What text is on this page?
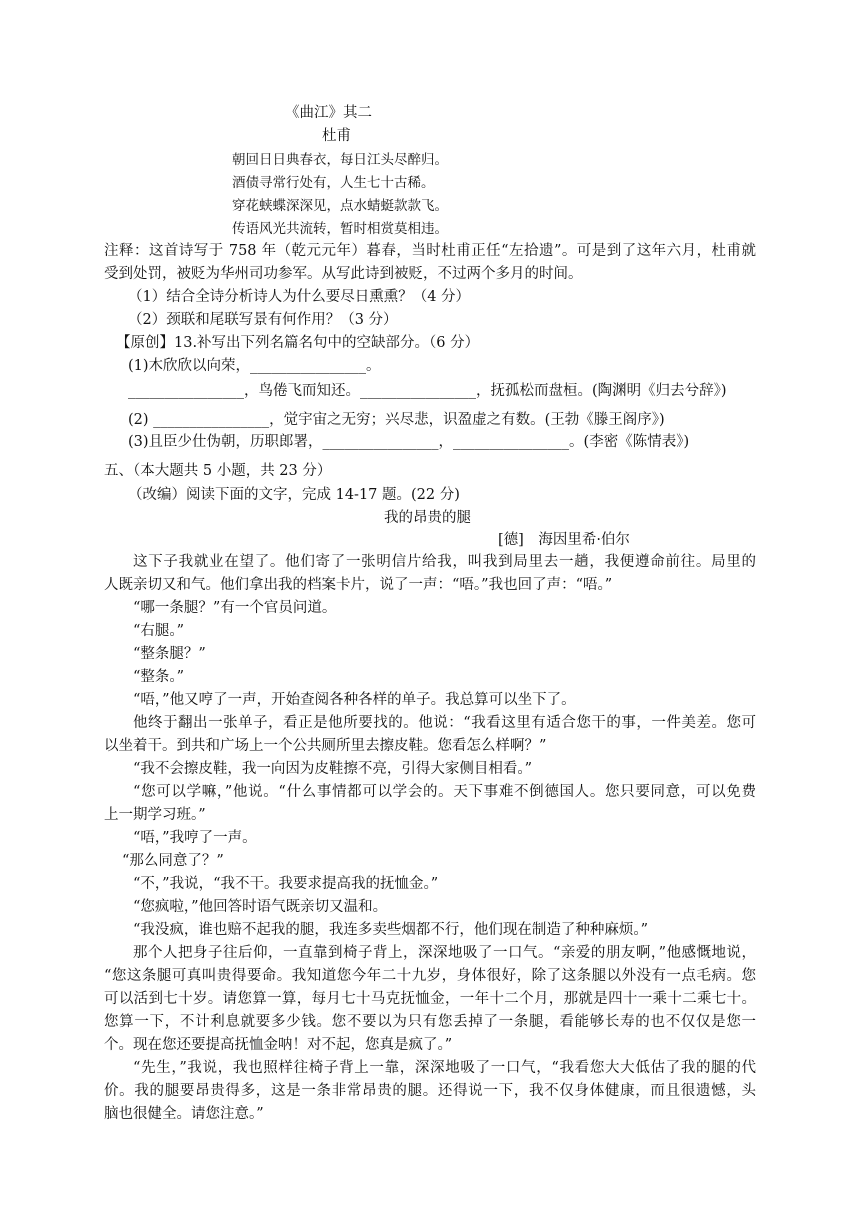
《曲江》其二
杜甫
朝回日日典春衣，每日江头尽醉归。
酒债寻常行处有，人生七十古稀。
穿花蛱蝶深深见，点水蜻蜓款款飞。
传语风光共流转，暂时相赏莫相违。
注释：这首诗写于 758 年（乾元元年）暮春，当时杜甫正任“左拾遗”。可是到了这年六月，杜甫就
受到处罚，被贬为华州司功参军。从写此诗到被贬，不过两个多月的时间。
（1）结合全诗分析诗人为什么要尽日熏熏？（4 分）
（2）颈联和尾联写景有何作用？（3 分）
【原创】13.补写出下列名篇名句中的空缺部分。（6 分）
(1)木欣欣以向荣，________________。
________________，鸟倦飞而知还。________________，抚孤松而盘桓。(陶渊明《归去兮辞》)
(2) ________________，觉宇宙之无穷；兴尽悲，识盈虚之有数。(王勃《滕王阁序》)
(3)且臣少仕伪朝，历职郎署，________________，________________。(李密《陈情表》)
五、（本大题共 5 小题，共 23 分）
（改编）阅读下面的文字，完成 14-17 题。(22 分)
我的昂贵的腿
[德]　海因里希·伯尔
这下子我就业在望了。他们寄了一张明信片给我，叫我到局里去一趟，我便遵命前往。局里的
人既亲切又和气。他们拿出我的档案卡片，说了一声：“唔。”我也回了声：“唔。”
“哪一条腿？”有一个官员问道。
“右腿。”
“整条腿？”
“整条。”
“唔，”他又哼了一声，开始查阅各种各样的单子。我总算可以坐下了。
他终于翻出一张单子，看正是他所要找的。他说：“我看这里有适合您干的事，一件美差。您可
以坐着干。到共和广场上一个公共厕所里去擦皮鞋。您看怎么样啊？”
“我不会擦皮鞋，我一向因为皮鞋擦不亮，引得大家侧目相看。”
“您可以学嘛，”他说。“什么事情都可以学会的。天下事难不倒德国人。您只要同意，可以免费
上一期学习班。”
“唔，”我哼了一声。
“那么同意了？”
“不，”我说，“我不干。我要求提高我的抚恤金。”
“您疯啦，”他回答时语气既亲切又温和。
“我没疯，谁也赔不起我的腿，我连多卖些烟都不行，他们现在制造了种种麻烦。”
那个人把身子往后仰，一直靠到椅子背上，深深地吸了一口气。“亲爱的朋友啊，”他感慨地说，
“您这条腿可真叫贵得要命。我知道您今年二十九岁，身体很好，除了这条腿以外没有一点毛病。您
可以活到七十岁。请您算一算，每月七十马克抚恤金，一年十二个月，那就是四十一乘十二乘七十。
您算一下，不计利息就要多少钱。您不要以为只有您丢掉了一条腿，看能够长寿的也不仅仅是您一
个。现在您还要提高抚恤金呐！对不起，您真是疯了。”
“先生，”我说，我也照样往椅子背上一靠，深深地吸了一口气，“我看您大大低估了我的腿的代
价。我的腿要昂贵得多，这是一条非常昂贵的腿。还得说一下，我不仅身体健康，而且很遗憾，头
脑也很健全。请您注意。”
